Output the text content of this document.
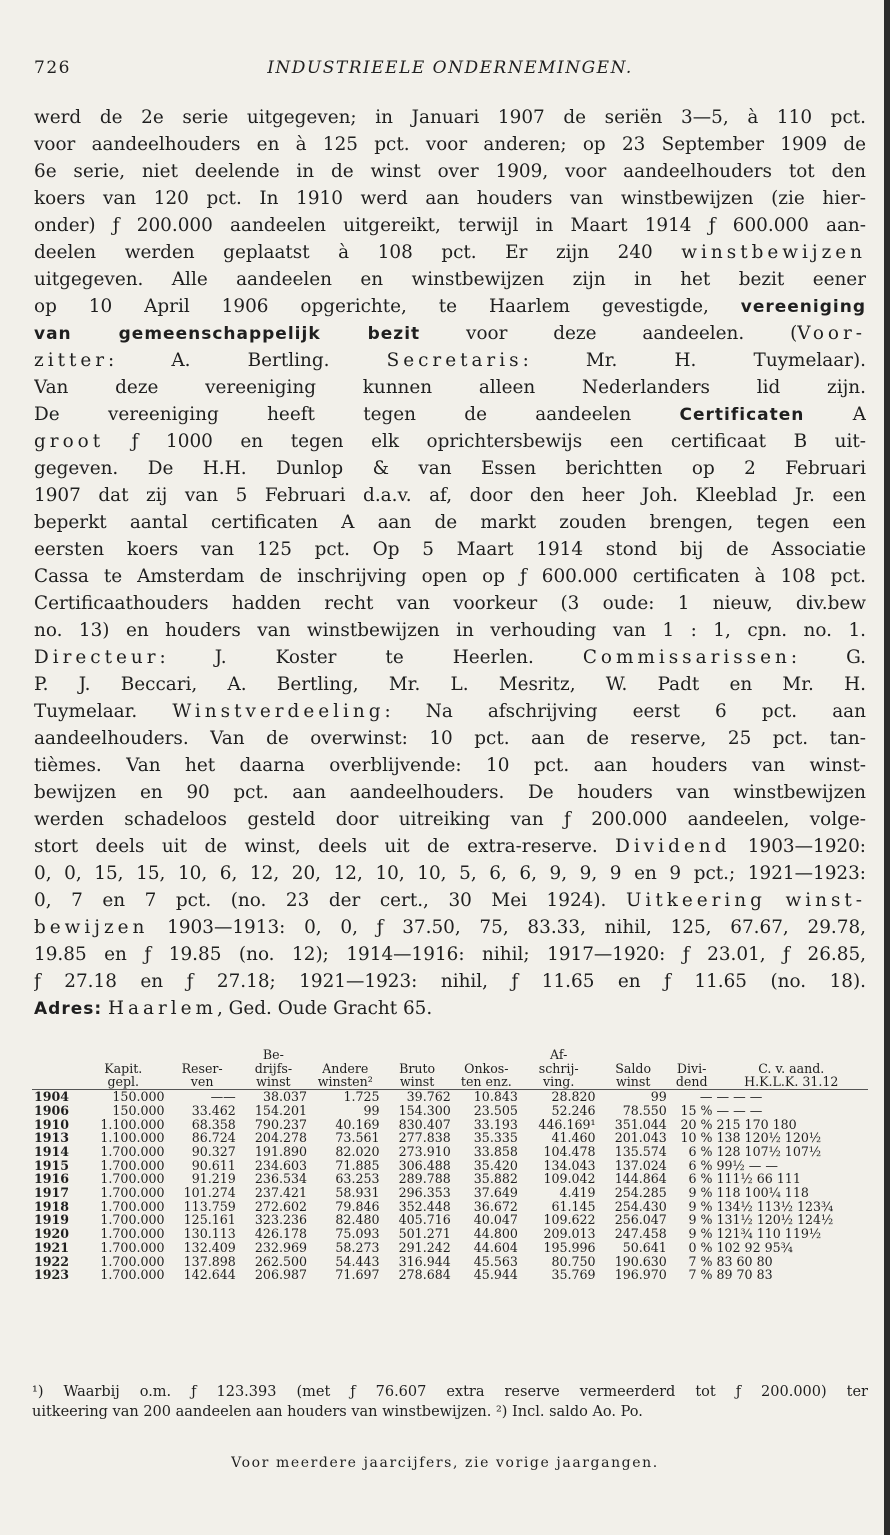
726	INDUSTRIEELE ONDERNEMINGEN.
werd de 2e serie uitgegeven; in Januari 1907 de seriën 3—5, à 110 pct.
voor aandeelhouders en à 125 pct. voor anderen; op 23 September 1909 de
6e serie, niet deelende in de winst over 1909, voor aandeelhouders tot den
koers van 120 pct. In 1910 werd aan houders van winstbewijzen (zie hier-
onder) ƒ 200.000 aandeelen uitgereikt, terwijl in Maart 1914 ƒ 600.000 aan-
deelen werden geplaatst à 108 pct. Er zijn 240 winstbewijzen
uitgegeven. Alle aandeelen en winstbewijzen zijn in het bezit eener
op 10 April 1906 opgerichte, te Haarlem gevestigde, vereeniging
van gemeenschappelijk bezit voor deze aandeelen. (Voor-
zitter: A. Bertling. Secretaris: Mr. H. Tuymelaar).
Van deze vereeniging kunnen alleen Nederlanders lid zijn.
De vereeniging heeft tegen de aandeelen Certificaten A
groot ƒ 1000 en tegen elk oprichtersbewijs een certificaat B uit-
gegeven. De H.H. Dunlop & van Essen berichtten op 2 Februari
1907 dat zij van 5 Februari d.a.v. af, door den heer Joh. Kleeblad Jr. een
beperkt aantal certificaten A aan de markt zouden brengen, tegen een
eersten koers van 125 pct. Op 5 Maart 1914 stond bij de Associatie
Cassa te Amsterdam de inschrijving open op ƒ 600.000 certificaten à 108 pct.
Certificaathouders hadden recht van voorkeur (3 oude: 1 nieuw, div.bew
no. 13) en houders van winstbewijzen in verhouding van 1 : 1, cpn. no. 1.
Directeur: J. Koster te Heerlen. Commissarissen: G.
P. J. Beccari, A. Bertling, Mr. L. Mesritz, W. Padt en Mr. H.
Tuymelaar. Winstverdeeling: Na afschrijving eerst 6 pct. aan
aandeelhouders. Van de overwinst: 10 pct. aan de reserve, 25 pct. tan-
tièmes. Van het daarna overblijvende: 10 pct. aan houders van winst-
bewijzen en 90 pct. aan aandeelhouders. De houders van winstbewijzen
werden schadeloos gesteld door uitreiking van ƒ 200.000 aandeelen, volge-
stort deels uit de winst, deels uit de extra-reserve. Dividend 1903—1920:
0, 0, 15, 15, 10, 6, 12, 20, 12, 10, 10, 5, 6, 6, 9, 9, 9 en 9 pct.; 1921—1923:
0, 7 en 7 pct. (no. 23 der cert., 30 Mei 1924). Uitkeering winst-
bewijzen 1903—1913: 0, 0, ƒ 37.50, 75, 83.33, nihil, 125, 67.67, 29.78,
19.85 en ƒ 19.85 (no. 12); 1914—1916: nihil; 1917—1920: ƒ 23.01, ƒ 26.85,
ƒ 27.18 en ƒ 27.18; 1921—1923: nihil, ƒ 11.65 en ƒ 11.65 (no. 18).
Adres: Haarlem, Ged. Oude Gracht 65.
			Be-				Af-			
	Kapit.	Reser-	drijfs-	Andere	Bruto	Onkos-	schrij-	Saldo	Divi-	C. v. aand.
	gepl.	ven	winst	winsten²	winst	ten enz.	ving.	winst	dend	H.K.L.K. 31.12
1904	150.000	——	38.037	1.725	39.762	10.843	28.820	99	—	— — —
1906	150.000	33.462	154.201	99	154.300	23.505	52.246	78.550	15 %	— — —
1910	1.100.000	68.358	790.237	40.169	830.407	33.193	446.169¹	351.044	20 %	215 170 180
1913	1.100.000	86.724	204.278	73.561	277.838	35.335	41.460	201.043	10 %	138 120½ 120½
1914	1.700.000	90.327	191.890	82.020	273.910	33.858	104.478	135.574	6 %	128 107½ 107½
1915	1.700.000	90.611	234.603	71.885	306.488	35.420	134.043	137.024	6 %	99½ — —
1916	1.700.000	91.219	236.534	63.253	289.788	35.882	109.042	144.864	6 %	111½ 66 111
1917	1.700.000	101.274	237.421	58.931	296.353	37.649	4.419	254.285	9 %	118 100¼ 118
1918	1.700.000	113.759	272.602	79.846	352.448	36.672	61.145	254.430	9 %	134½ 113½ 123¾
1919	1.700.000	125.161	323.236	82.480	405.716	40.047	109.622	256.047	9 %	131½ 120½ 124½
1920	1.700.000	130.113	426.178	75.093	501.271	44.800	209.013	247.458	9 %	121¾ 110 119½
1921	1.700.000	132.409	232.969	58.273	291.242	44.604	195.996	50.641	0 %	102 92 95¾
1922	1.700.000	137.898	262.500	54.443	316.944	45.563	80.750	190.630	7 %	83 60 80
1923	1.700.000	142.644	206.987	71.697	278.684	45.944	35.769	196.970	7 %	89 70 83
¹) Waarbij o.m. ƒ 123.393 (met ƒ 76.607 extra reserve vermeerderd tot ƒ 200.000) ter
uitkeering van 200 aandeelen aan houders van winstbewijzen. ²) Incl. saldo Ao. Po.
Voor meerdere jaarcijfers, zie vorige jaargangen.
